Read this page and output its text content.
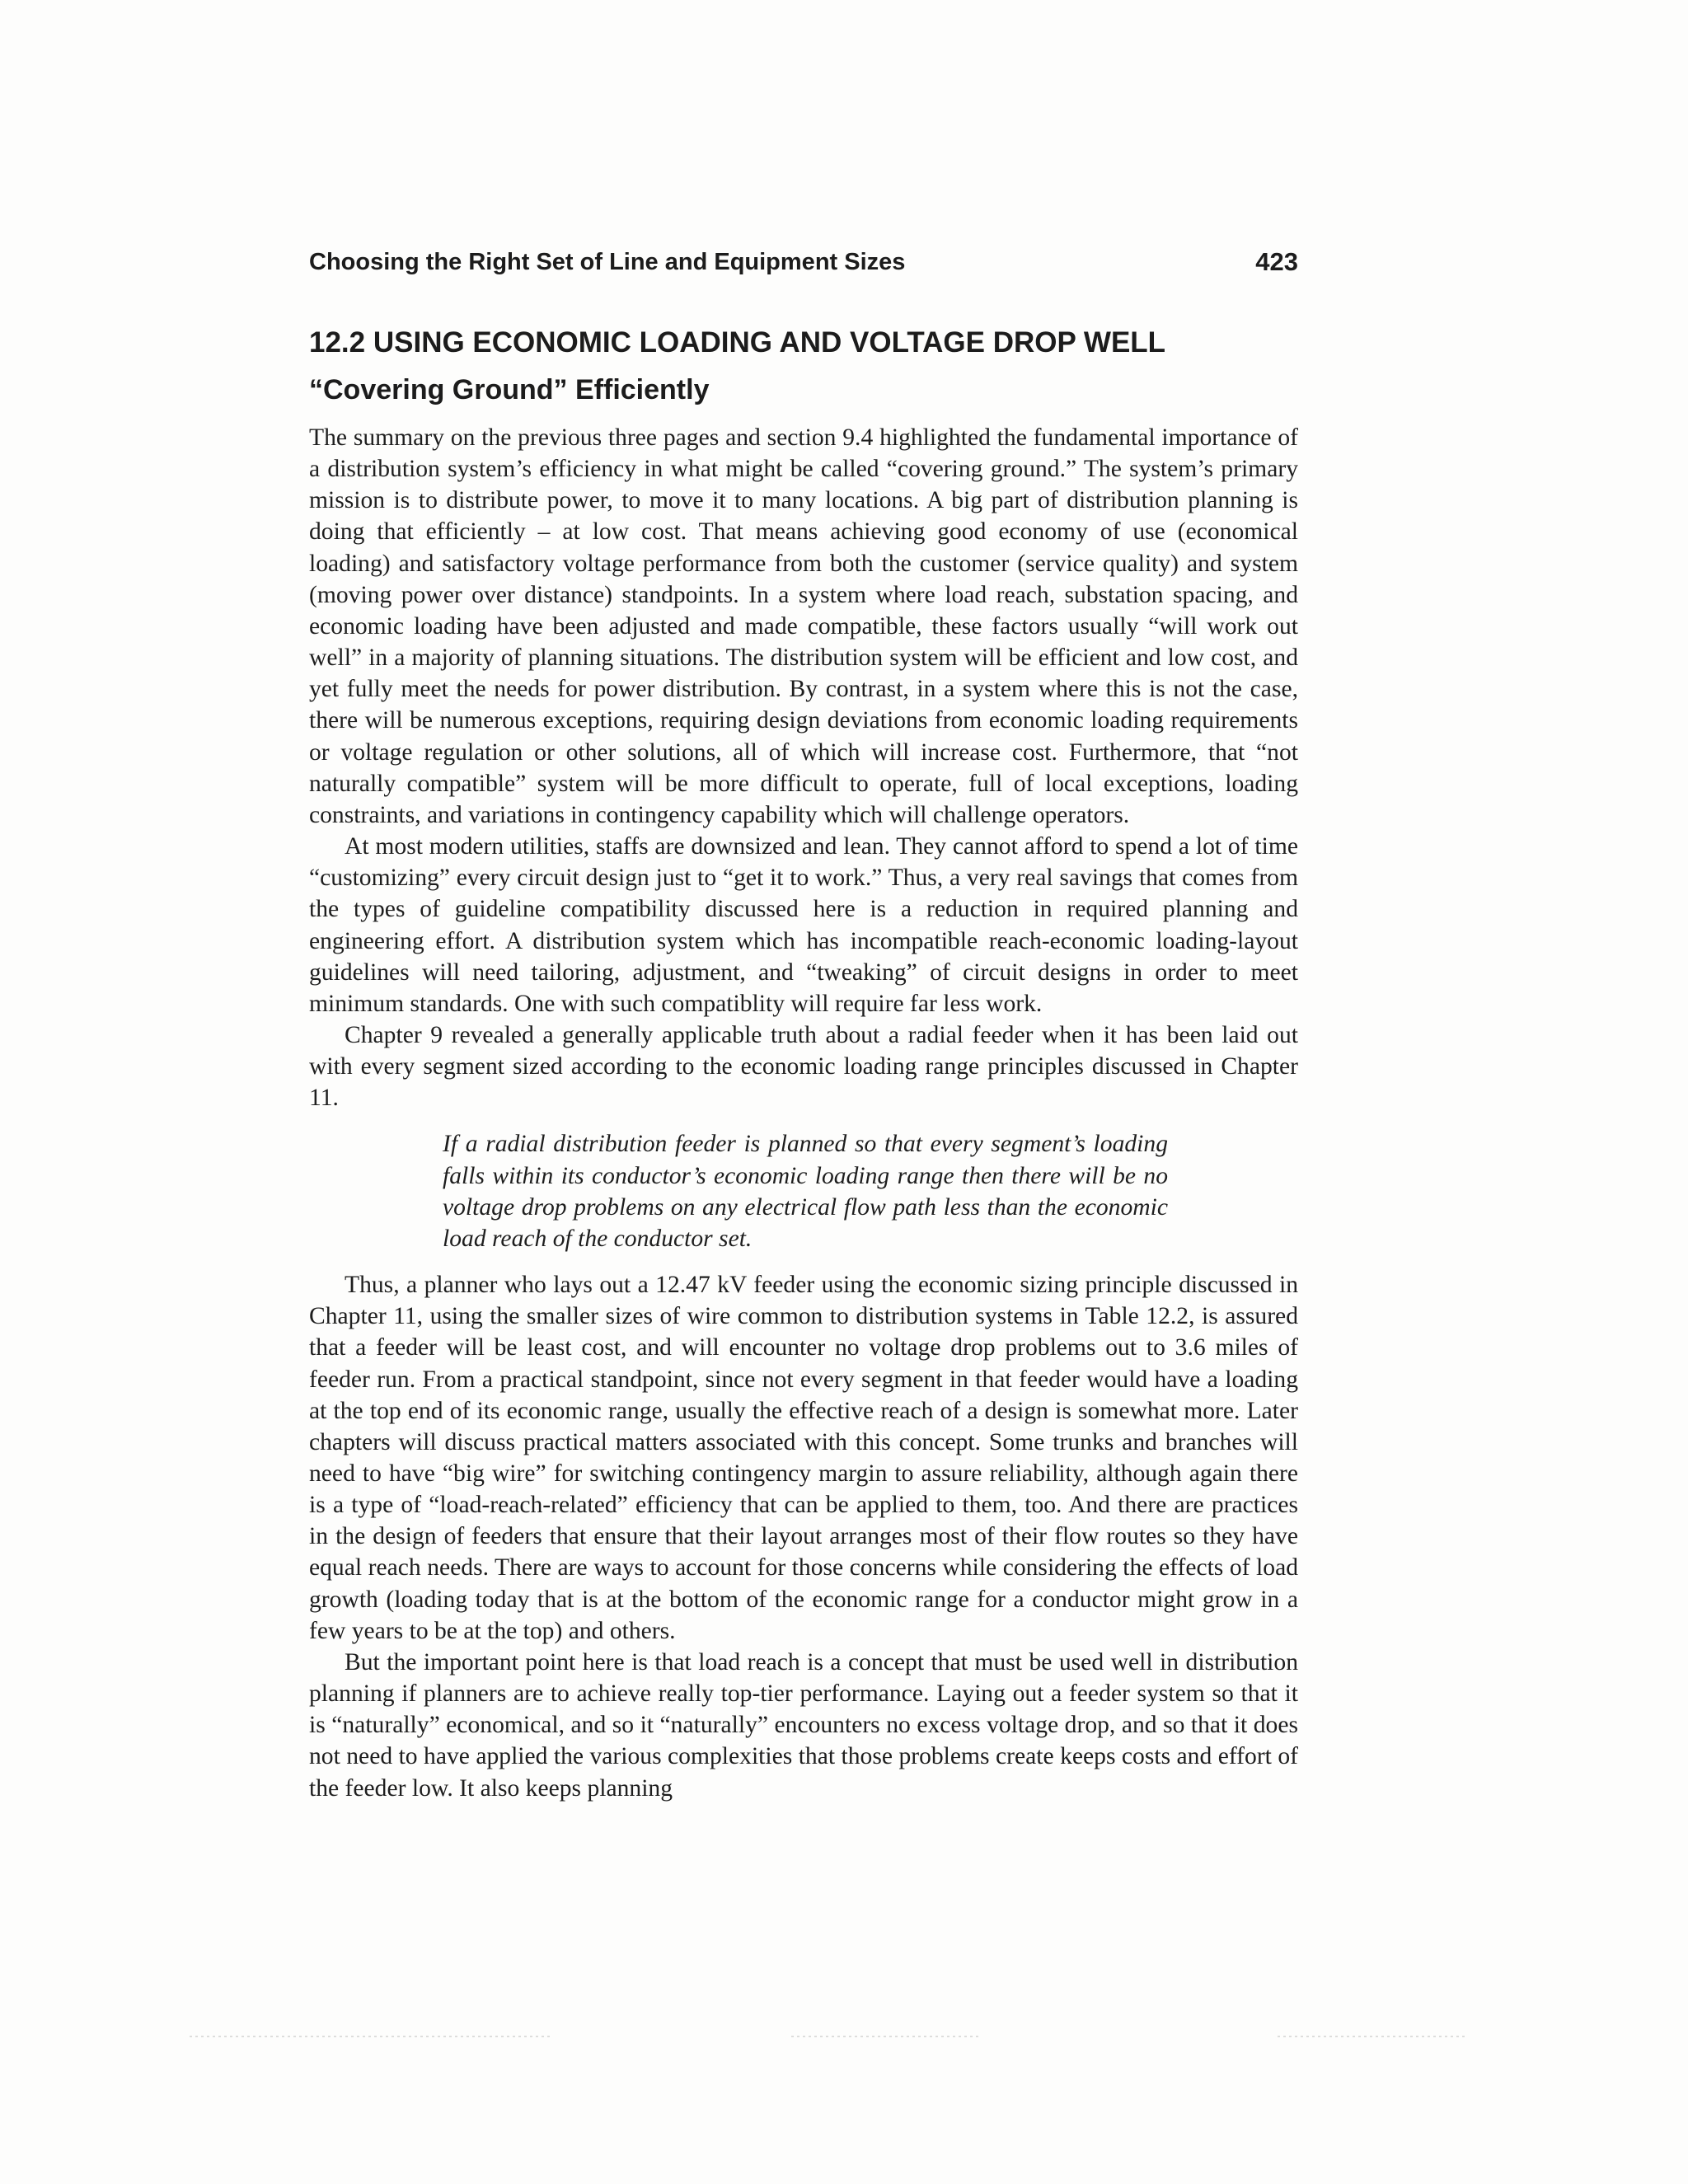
Choosing the Right Set of Line and Equipment Sizes	423
12.2 USING ECONOMIC LOADING AND VOLTAGE DROP WELL
“Covering Ground” Efficiently

The summary on the previous three pages and section 9.4 highlighted the fundamental importance of a distribution system’s efficiency in what might be called “covering ground.” The system’s primary mission is to distribute power, to move it to many locations. A big part of distribution planning is doing that efficiently – at low cost. That means achieving good economy of use (economical loading) and satisfactory voltage performance from both the customer (service quality) and system (moving power over distance) standpoints. In a system where load reach, substation spacing, and economic loading have been adjusted and made compatible, these factors usually “will work out well” in a majority of planning situations. The distribution system will be efficient and low cost, and yet fully meet the needs for power distribution. By contrast, in a system where this is not the case, there will be numerous exceptions, requiring design deviations from economic loading requirements or voltage regulation or other solutions, all of which will increase cost. Furthermore, that “not naturally compatible” system will be more difficult to operate, full of local exceptions, loading constraints, and variations in contingency capability which will challenge operators.

At most modern utilities, staffs are downsized and lean. They cannot afford to spend a lot of time “customizing” every circuit design just to “get it to work.” Thus, a very real savings that comes from the types of guideline compatibility discussed here is a reduction in required planning and engineering effort. A distribution system which has incompatible reach-economic loading-layout guidelines will need tailoring, adjustment, and “tweaking” of circuit designs in order to meet minimum standards. One with such compatiblity will require far less work.

Chapter 9 revealed a generally applicable truth about a radial feeder when it has been laid out with every segment sized according to the economic loading range principles discussed in Chapter 11.

If a radial distribution feeder is planned so that every segment’s loading falls within its conductor’s economic loading range then there will be no voltage drop problems on any electrical flow path less than the economic load reach of the conductor set.

Thus, a planner who lays out a 12.47 kV feeder using the economic sizing principle discussed in Chapter 11, using the smaller sizes of wire common to distribution systems in Table 12.2, is assured that a feeder will be least cost, and will encounter no voltage drop problems out to 3.6 miles of feeder run. From a practical standpoint, since not every segment in that feeder would have a loading at the top end of its economic range, usually the effective reach of a design is somewhat more. Later chapters will discuss practical matters associated with this concept. Some trunks and branches will need to have “big wire” for switching contingency margin to assure reliability, although again there is a type of “load-reach-related” efficiency that can be applied to them, too. And there are practices in the design of feeders that ensure that their layout arranges most of their flow routes so they have equal reach needs. There are ways to account for those concerns while considering the effects of load growth (loading today that is at the bottom of the economic range for a conductor might grow in a few years to be at the top) and others.

But the important point here is that load reach is a concept that must be used well in distribution planning if planners are to achieve really top-tier performance. Laying out a feeder system so that it is “naturally” economical, and so it “naturally” encounters no excess voltage drop, and so that it does not need to have applied the various complexities that those problems create keeps costs and effort of the feeder low. It also keeps planning
